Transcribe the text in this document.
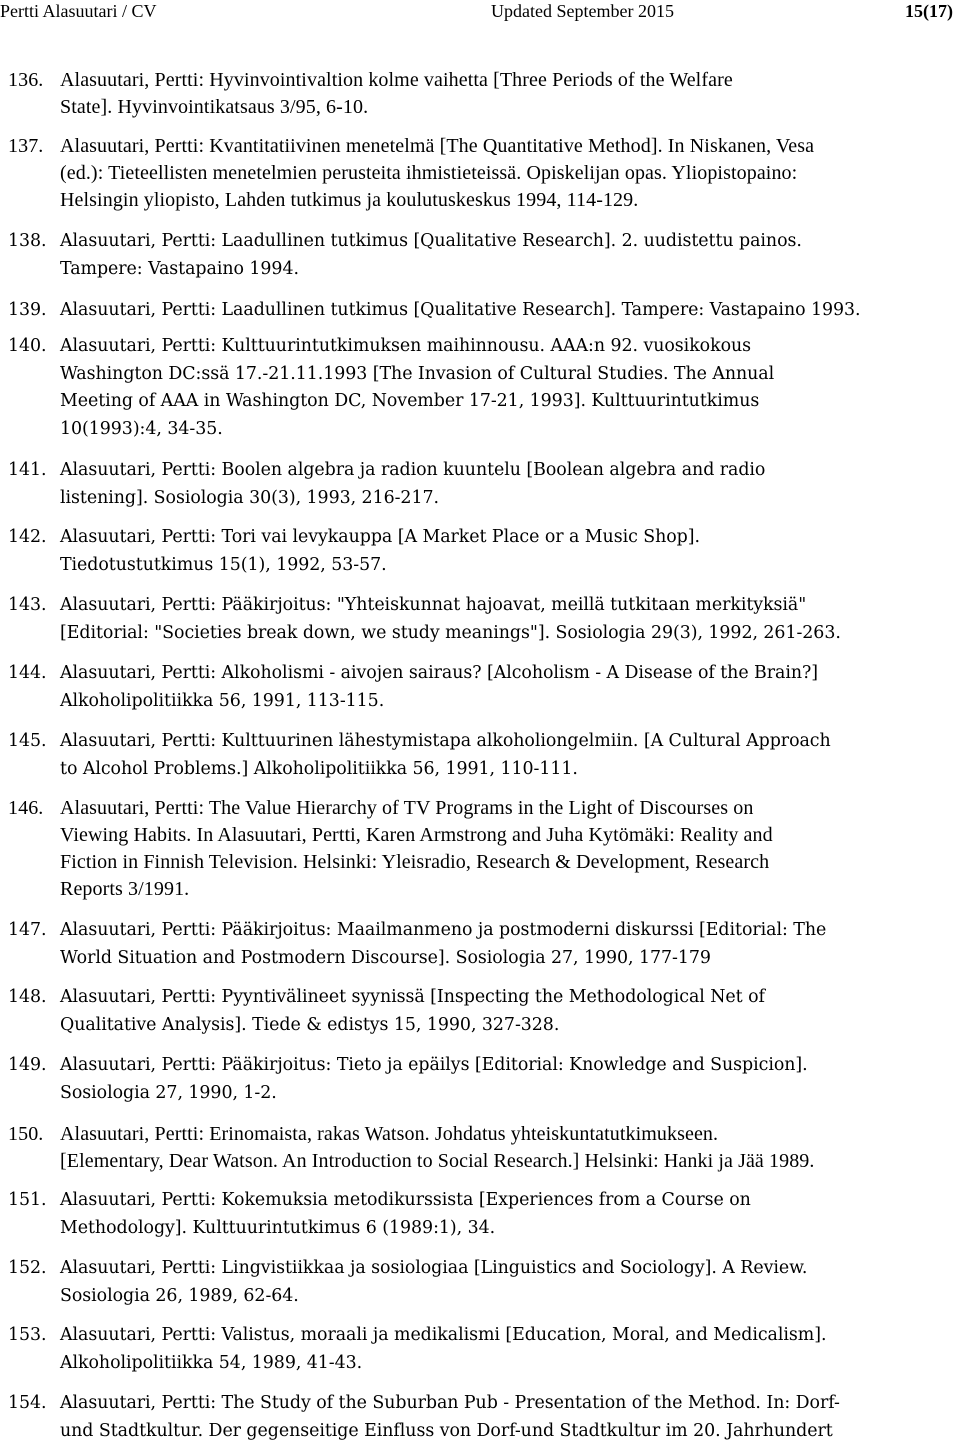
Pertti Alasuutari / CV	Updated September 2015	15(17)
136. Alasuutari, Pertti: Hyvinvointivaltion kolme vaihetta [Three Periods of the Welfare
State]. Hyvinvointikatsaus 3/95, 6-10.
137. Alasuutari, Pertti: Kvantitatiivinen menetelmä [The Quantitative Method]. In Niskanen, Vesa
(ed.): Tieteellisten menetelmien perusteita ihmistieteissä. Opiskelijan opas. Yliopistopaino:
Helsingin yliopisto, Lahden tutkimus ja koulutuskeskus 1994, 114-129.
138. Alasuutari, Pertti: Laadullinen tutkimus [Qualitative Research]. 2. uudistettu painos.
Tampere: Vastapaino 1994.
139. Alasuutari, Pertti: Laadullinen tutkimus [Qualitative Research]. Tampere: Vastapaino 1993.
140. Alasuutari, Pertti: Kulttuurintutkimuksen maihinnousu. AAA:n 92. vuosikokous
Washington DC:ssä 17.-21.11.1993 [The Invasion of Cultural Studies. The Annual
Meeting of AAA in Washington DC, November 17-21, 1993]. Kulttuurintutkimus
10(1993):4, 34-35.
141. Alasuutari, Pertti: Boolen algebra ja radion kuuntelu [Boolean algebra and radio
listening]. Sosiologia 30(3), 1993, 216-217.
142. Alasuutari, Pertti: Tori vai levykauppa [A Market Place or a Music Shop].
Tiedotustutkimus 15(1), 1992, 53-57.
143. Alasuutari, Pertti: Pääkirjoitus: "Yhteiskunnat hajoavat, meillä tutkitaan merkityksiä"
[Editorial: "Societies break down, we study meanings"]. Sosiologia 29(3), 1992, 261-263.
144. Alasuutari, Pertti: Alkoholismi - aivojen sairaus? [Alcoholism - A Disease of the Brain?]
Alkoholipolitiikka 56, 1991, 113-115.
145. Alasuutari, Pertti: Kulttuurinen lähestymistapa alkoholiongelmiin. [A Cultural Approach
to Alcohol Problems.] Alkoholipolitiikka 56, 1991, 110-111.
146. Alasuutari, Pertti: The Value Hierarchy of TV Programs in the Light of Discourses on
Viewing Habits. In Alasuutari, Pertti, Karen Armstrong and Juha Kytömäki: Reality and
Fiction in Finnish Television. Helsinki: Yleisradio, Research & Development, Research
Reports 3/1991.
147. Alasuutari, Pertti: Pääkirjoitus: Maailmanmeno ja postmoderni diskurssi [Editorial: The
World Situation and Postmodern Discourse]. Sosiologia 27, 1990, 177-179
148. Alasuutari, Pertti: Pyyntivälineet syynissä [Inspecting the Methodological Net of
Qualitative Analysis]. Tiede & edistys 15, 1990, 327-328.
149. Alasuutari, Pertti: Pääkirjoitus: Tieto ja epäilys [Editorial: Knowledge and Suspicion].
Sosiologia 27, 1990, 1-2.
150. Alasuutari, Pertti: Erinomaista, rakas Watson. Johdatus yhteiskuntatutkimukseen.
[Elementary, Dear Watson. An Introduction to Social Research.] Helsinki: Hanki ja Jää 1989.
151. Alasuutari, Pertti: Kokemuksia metodikurssista [Experiences from a Course on
Methodology]. Kulttuurintutkimus 6 (1989:1), 34.
152. Alasuutari, Pertti: Lingvistiikkaa ja sosiologiaa [Linguistics and Sociology]. A Review.
Sosiologia 26, 1989, 62-64.
153. Alasuutari, Pertti: Valistus, moraali ja medikalismi [Education, Moral, and Medicalism].
Alkoholipolitiikka 54, 1989, 41-43.
154. Alasuutari, Pertti: The Study of the Suburban Pub - Presentation of the Method. In: Dorf-
und Stadtkultur. Der gegenseitige Einfluss von Dorf-und Stadtkultur im 20. Jahrhundert
